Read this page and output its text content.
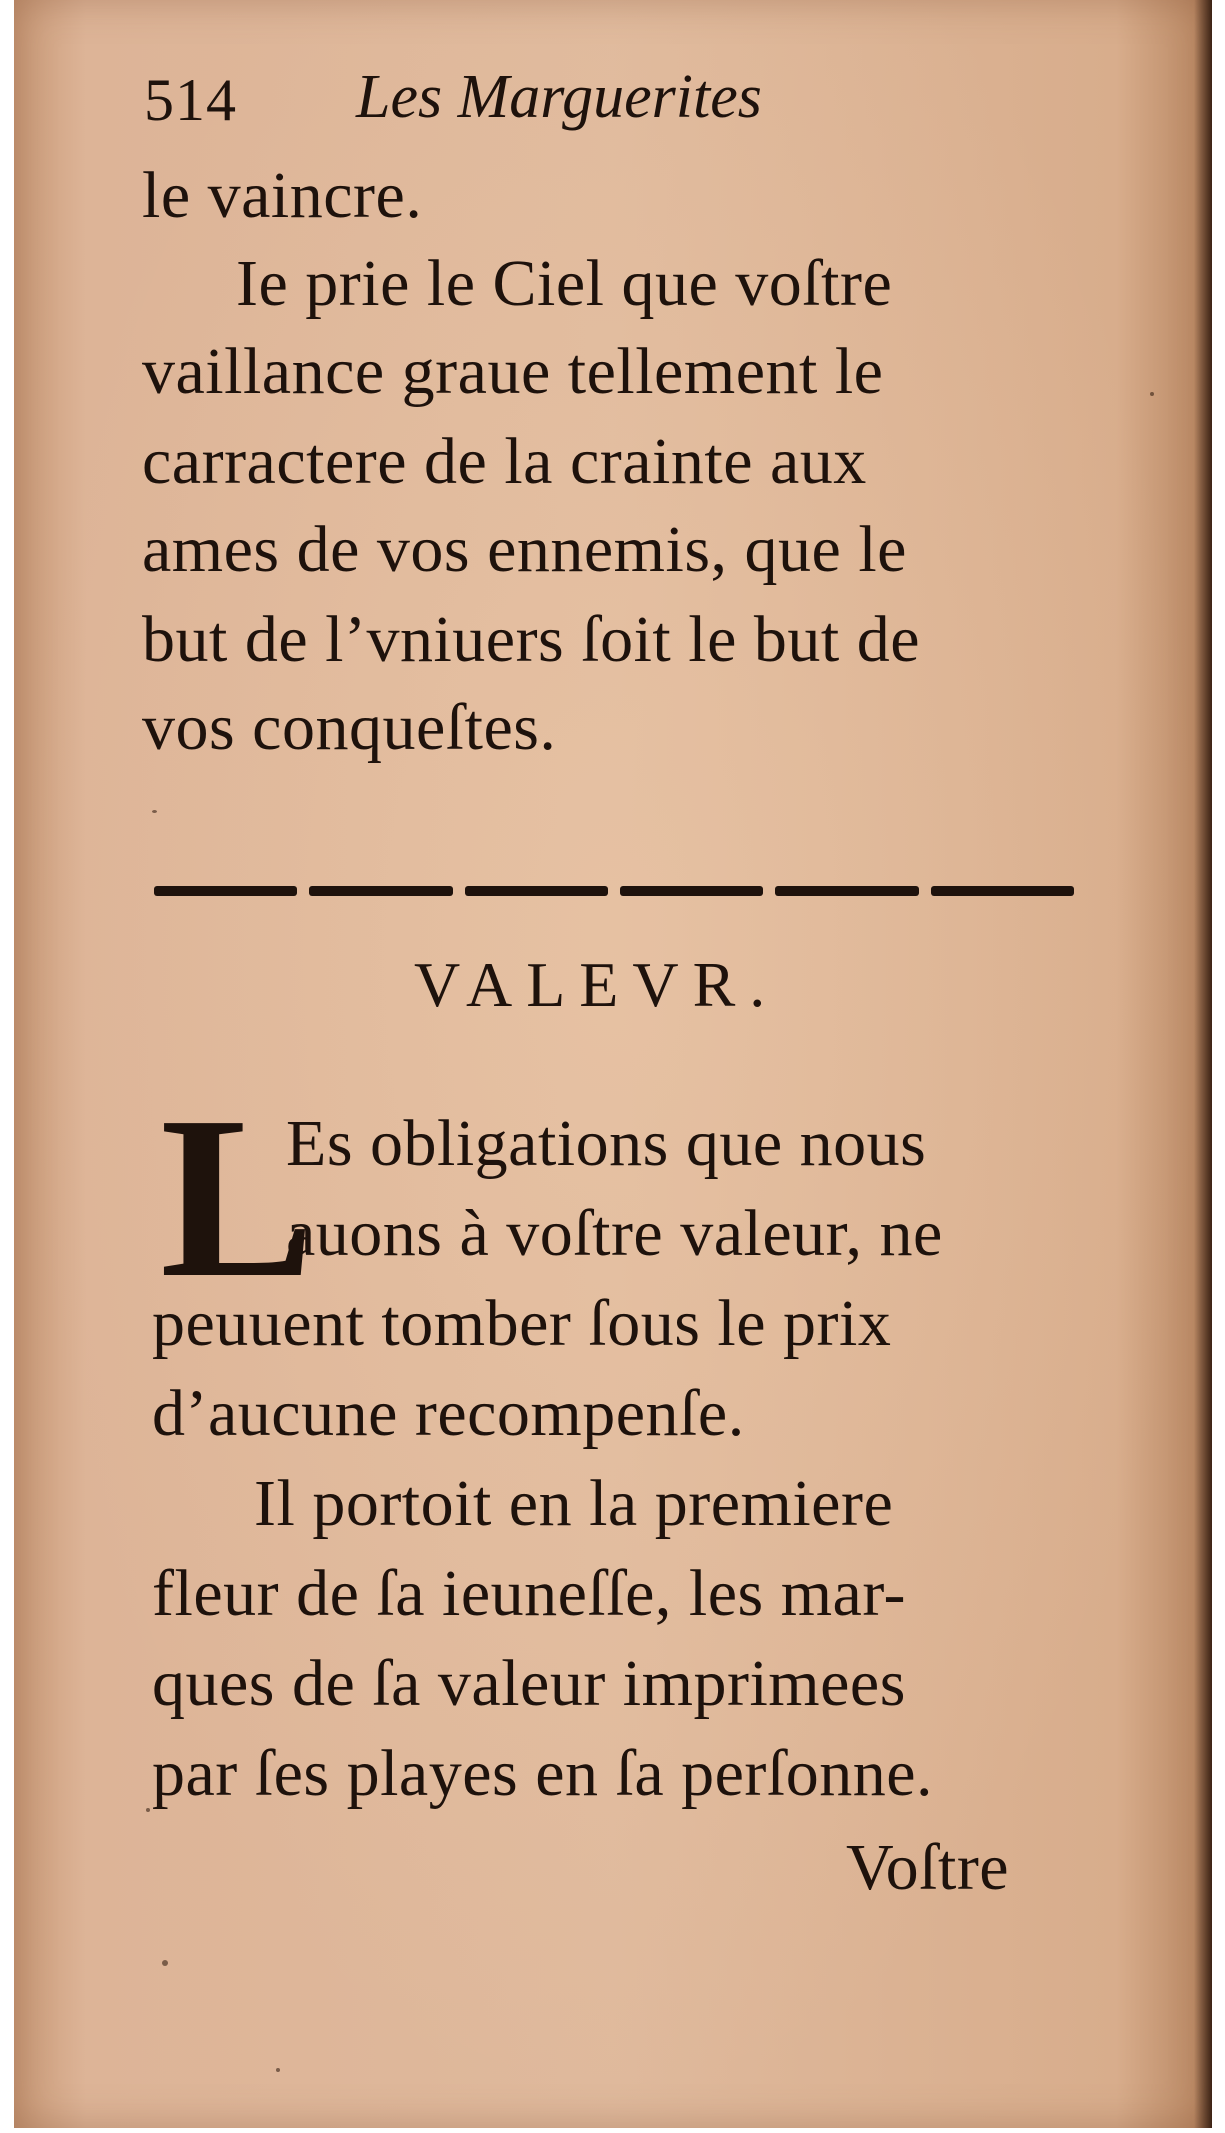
514 Les Marguerites
le vaincre.
Ie prie le Ciel que voſtre
vaillance graue tellement le
carractere de la crainte aux
ames de vos ennemis, que le
but de l’vniuers ſoit le but de
vos conqueſtes.
VALEVR.
L
Es obligations que nous
auons à voſtre valeur, ne
peuuent tomber ſous le prix
d’aucune recompenſe.
Il portoit en la premiere
fleur de ſa ieuneſſe, les mar-
ques de ſa valeur imprimees
par ſes playes en ſa perſonne.
Voſtre
